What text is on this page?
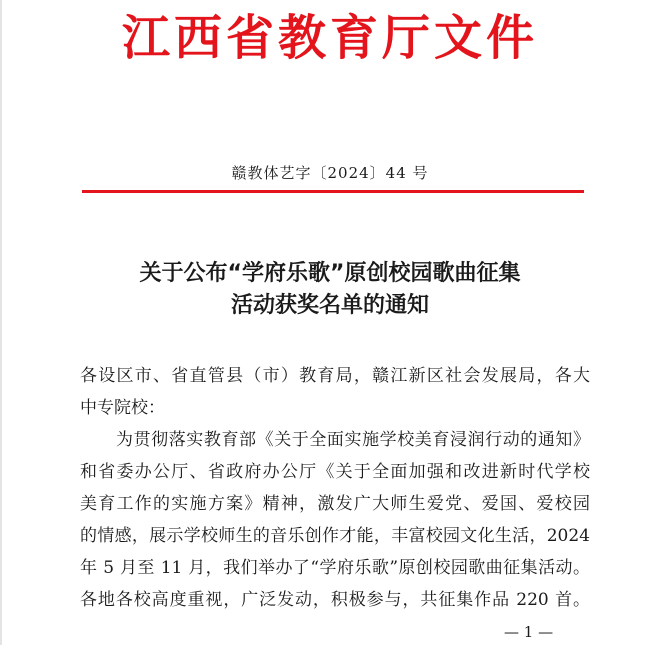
江西省教育厅文件
赣教体艺字〔2024〕44 号
关于公布“学府乐歌”原创校园歌曲征集
活动获奖名单的通知
各设区市、省直管县（市）教育局，赣江新区社会发展局，各大
中专院校：
为贯彻落实教育部《关于全面实施学校美育浸润行动的通知》
和省委办公厅、省政府办公厅《关于全面加强和改进新时代学校
美育工作的实施方案》精神，激发广大师生爱党、爱国、爱校园
的情感，展示学校师生的音乐创作才能，丰富校园文化生活，2024
年 5 月至 11 月，我们举办了“学府乐歌”原创校园歌曲征集活动。
各地各校高度重视，广泛发动，积极参与，共征集作品 220 首。
— 1 —
